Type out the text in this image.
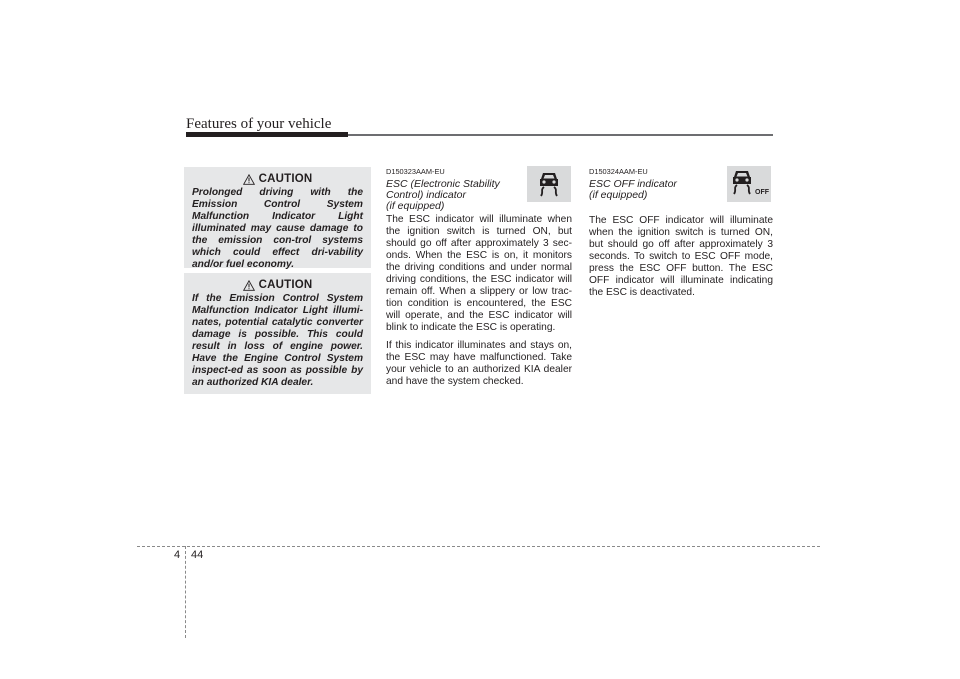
Features of your vehicle
CAUTION

Prolonged driving with the Emission Control System Malfunction Indicator Light illuminated may cause damage to the emission con-trol systems which could effect dri-vability and/or fuel economy.

CAUTION

If the Emission Control System Malfunction Indicator Light illumi-nates, potential catalytic converter damage is possible. This could result in loss of engine power. Have the Engine Control System inspect-ed as soon as possible by an authorized KIA dealer.

D150323AAM-EU

ESC (Electronic Stability
Control) indicator
(if equipped)

The ESC indicator will illuminate when the ignition switch is turned ON, but should go off after approximately 3 sec-onds. When the ESC is on, it monitors the driving conditions and under normal driving conditions, the ESC indicator will remain off. When a slippery or low trac-tion condition is encountered, the ESC will operate, and the ESC indicator will blink to indicate the ESC is operating.

If this indicator illuminates and stays on, the ESC may have malfunctioned. Take your vehicle to an authorized KIA dealer and have the system checked.

OFF

D150324AAM-EU

ESC OFF indicator
(if equipped)

The ESC OFF indicator will illuminate when the ignition switch is turned ON, but should go off after approximately 3 seconds. To switch to ESC OFF mode, press the ESC OFF button. The ESC OFF indicator will illuminate indicating the ESC is deactivated.

4 44
